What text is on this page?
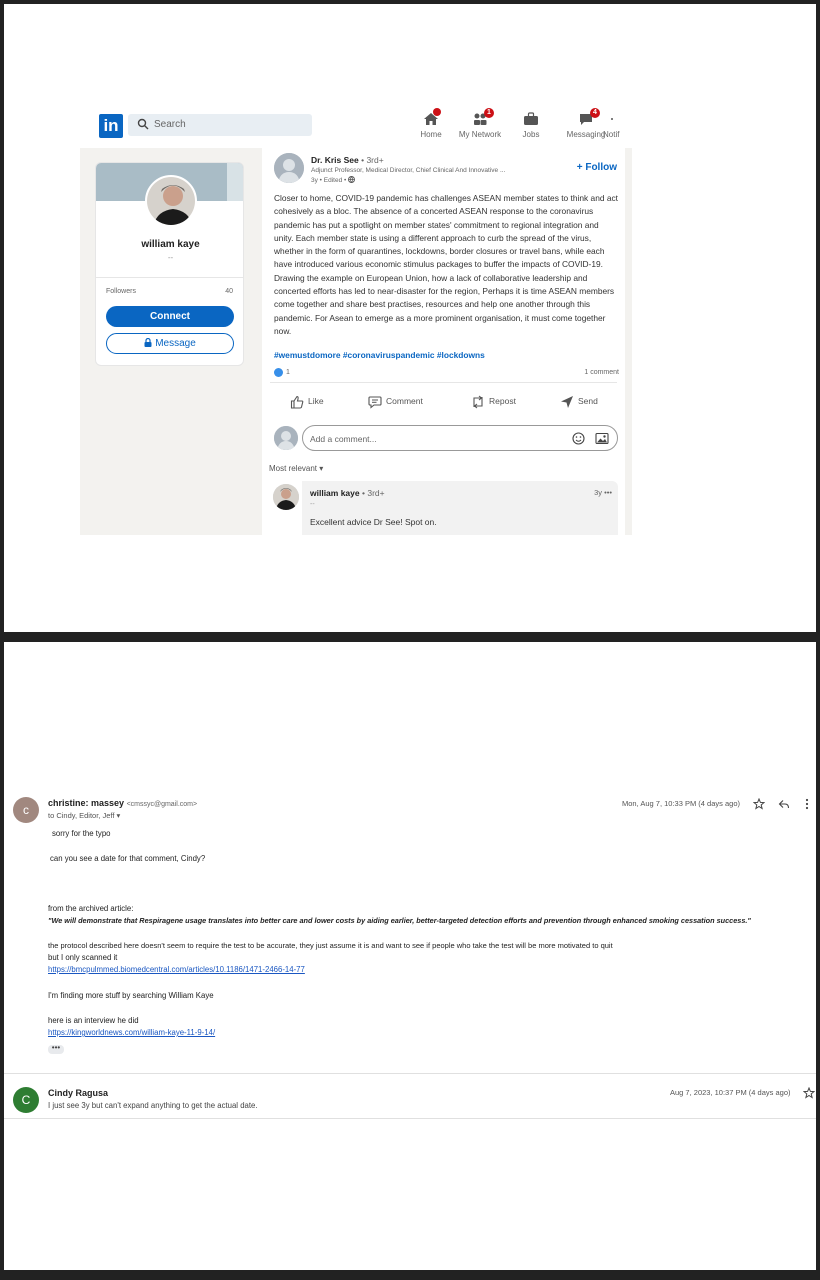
in	Search
Home
1
My Network	Jobs
4
Messaging
Notif
william kaye
--
Followers	40
Connect
Message
Dr. Kris See • 3rd+
Adjunct Professor, Medical Director, Chief Clinical And Innovative ...
3y • Edited •
+ Follow
Closer to home, COVID-19 pandemic has challenges ASEAN member states to think and act cohesively as a bloc. The absence of a concerted ASEAN response to the coronavirus pandemic has put a spotlight on member states' commitment to regional integration and unity. Each member state is using a different approach to curb the spread of the virus, whether in the form of quarantines, lockdowns, border closures or travel bans, while each have introduced various economic stimulus packages to buffer the impacts of COVID-19. Drawing the example on European Union, how a lack of collaborative leadership and concerted efforts has led to near-disaster for the region, Perhaps it is time ASEAN members come together and share best practises, resources and help one another through this pandemic. For Asean to emerge as a more prominent organisation, it must come together now.
#wemustdomore #coronaviruspandemic #lockdowns
1	1 comment
Like	Comment	Repost	Send
Add a comment...
Most relevant ▾
william kaye • 3rd+
--
3y •••
Excellent advice Dr See! Spot on.
c	christine: massey <cmssyc@gmail.com>
to Cindy, Editor, Jeff ▾
Mon, Aug 7, 10:33 PM (4 days ago)
sorry for the typo
can you see a date for that comment, Cindy?
from the archived article:
"We will demonstrate that Respiragene usage translates into better care and lower costs by aiding earlier, better-targeted detection efforts and prevention through enhanced smoking cessation success."
the protocol described here doesn't seem to require the test to be accurate, they just assume it is and want to see if people who take the test will be more motivated to quit
but I only scanned it
https://bmcpulmmed.biomedcentral.com/articles/10.1186/1471-2466-14-77
I'm finding more stuff by searching William Kaye
here is an interview he did
https://kingworldnews.com/william-kaye-11-9-14/
•••
C	Cindy Ragusa
I just see 3y but can't expand anything to get the actual date.
Aug 7, 2023, 10:37 PM (4 days ago)
